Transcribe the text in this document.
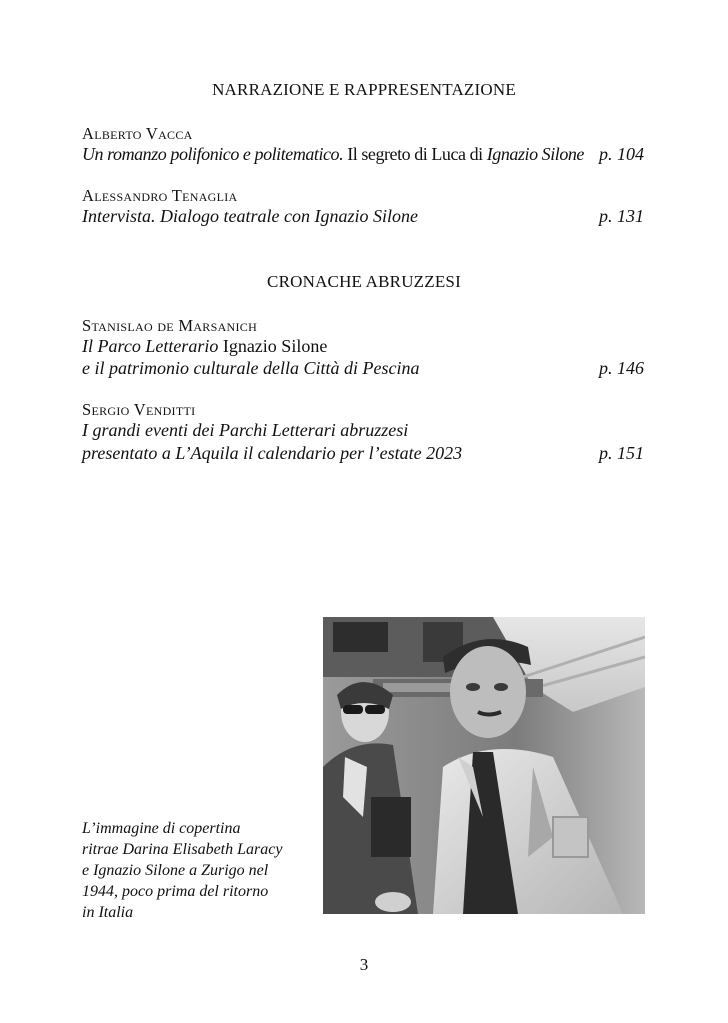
NARRAZIONE E RAPPRESENTAZIONE
Alberto Vacca
Un romanzo polifonico e politematico. Il segreto di Luca di Ignazio Silone p. 104
Alessandro Tenaglia
Intervista. Dialogo teatrale con Ignazio Silone	p. 131
CRONACHE ABRUZZESI
Stanislao de Marsanich
Il Parco Letterario Ignazio Silone
e il patrimonio culturale della Città di Pescina	p. 146
Sergio Venditti
I grandi eventi dei Parchi Letterari abruzzesi
presentato a L’Aquila il calendario per l’estate 2023	p. 151
L’immagine di copertina
ritrae Darina Elisabeth Laracy
e Ignazio Silone a Zurigo nel
1944, poco prima del ritorno
in Italia
3
